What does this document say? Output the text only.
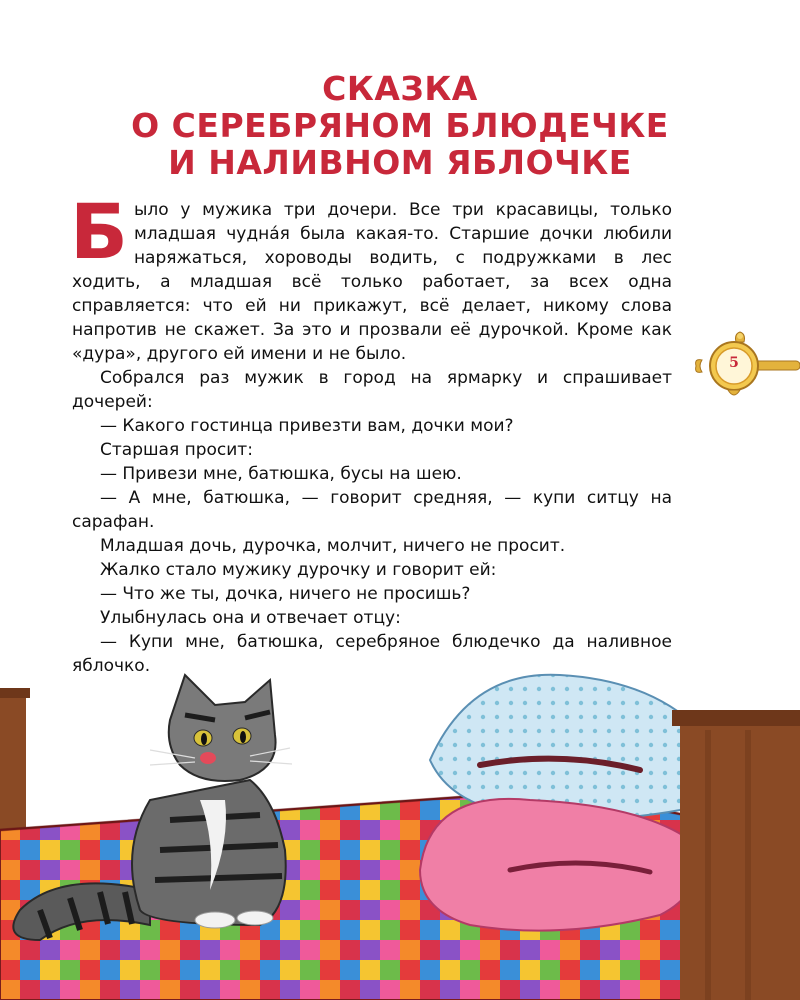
СКАЗКА
О СЕРЕБРЯНОМ БЛЮДЕЧКЕ
И НАЛИВНОМ ЯБЛОЧКЕ

Было у мужика три дочери. Все три красавицы, только младшая чудна́я была какая-то. Старшие дочки любили наряжаться, хороводы водить, с подружками в лес ходить, а младшая всё только работает, за всех одна справляется: что ей ни прикажут, всё делает, никому слова напротив не скажет. За это и прозвали её дурочкой. Кроме как «дура», другого ей имени и не было.

Собрался раз мужик в город на ярмарку и спрашивает дочерей:

— Какого гостинца привезти вам, дочки мои?

Старшая просит:

— Привези мне, батюшка, бусы на шею.

— А мне, батюшка, — говорит средняя, — купи ситцу на сарафан.

Младшая дочь, дурочка, молчит, ничего не просит.

Жалко стало мужику дурочку и говорит ей:

— Что же ты, дочка, ничего не просишь?

Улыбнулась она и отвечает отцу:

— Купи мне, батюшка, серебряное блюдечко да наливное яблочко.

5
